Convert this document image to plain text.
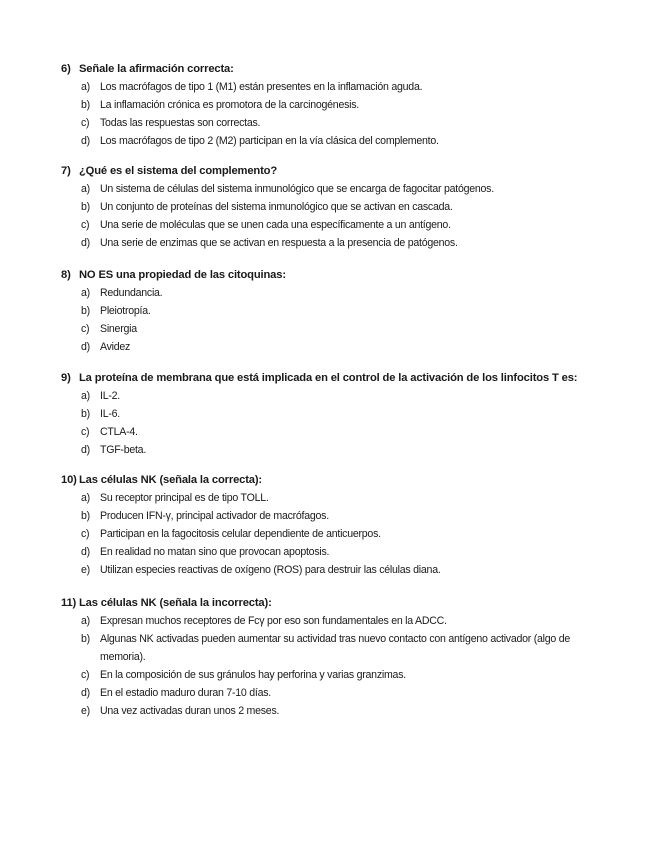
6) Señale la afirmación correcta:
a) Los macrófagos de tipo 1 (M1) están presentes en la inflamación aguda.
b) La inflamación crónica es promotora de la carcinogénesis.
c) Todas las respuestas son correctas.
d) Los macrófagos de tipo 2 (M2) participan en la vía clásica del complemento.
7) ¿Qué es el sistema del complemento?
a) Un sistema de células del sistema inmunológico que se encarga de fagocitar patógenos.
b) Un conjunto de proteínas del sistema inmunológico que se activan en cascada.
c) Una serie de moléculas que se unen cada una específicamente a un antígeno.
d) Una serie de enzimas que se activan en respuesta a la presencia de patógenos.
8) NO ES una propiedad de las citoquinas:
a) Redundancia.
b) Pleiotropía.
c) Sinergia
d) Avidez
9) La proteína de membrana que está implicada en el control de la activación de los linfocitos T es:
a) IL-2.
b) IL-6.
c) CTLA-4.
d) TGF-beta.
10) Las células NK (señala la correcta):
a) Su receptor principal es de tipo TOLL.
b) Producen IFN-γ, principal activador de macrófagos.
c) Participan en la fagocitosis celular dependiente de anticuerpos.
d) En realidad no matan sino que provocan apoptosis.
e) Utilizan especies reactivas de oxígeno (ROS) para destruir las células diana.
11) Las células NK (señala la incorrecta):
a) Expresan muchos receptores de Fcγ por eso son fundamentales en la ADCC.
b) Algunas NK activadas pueden aumentar su actividad tras nuevo contacto con antígeno activador (algo de memoria).
c) En la composición de sus gránulos hay perforina y varias granzimas.
d) En el estadio maduro duran 7-10 días.
e) Una vez activadas duran unos 2 meses.
